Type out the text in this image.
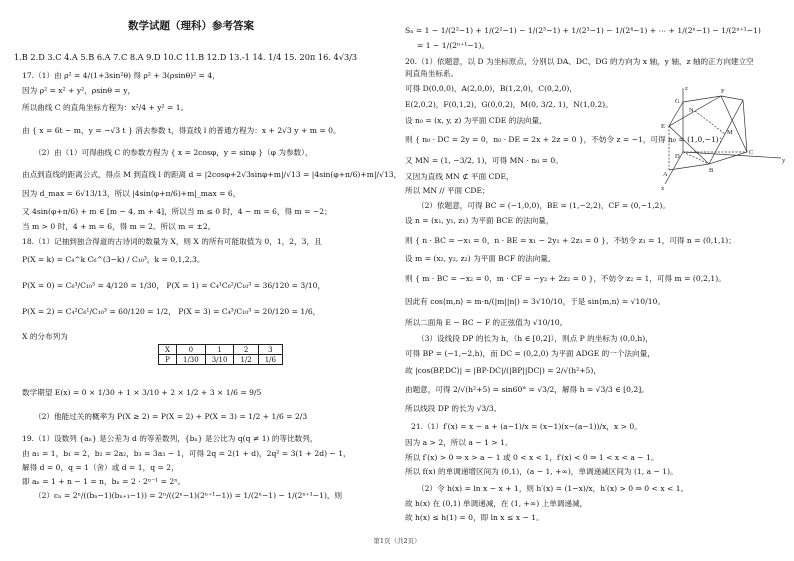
数学试题（理科）参考答案
1.B 2.D 3.C 4.A 5.B 6.A 7.C 8.A 9.D 10.C 11.B 12.D 13.-1 14. 1/4 15. 20π 16. 4√3/3
17.（1）由 ρ² = 4/(1+3sin²θ) 得 ρ² + 3(ρsinθ)² = 4，
因为 ρ² = x² + y²，ρsinθ = y，
所以曲线 C 的直角坐标方程为：x²/4 + y² = 1。
由 { x = 6t − m，y = −√3 t } 消去参数 t，得直线 l 的普通方程为：x + 2√3 y + m = 0。
（2）由（1）可得曲线 C 的参数方程为 { x = 2cosφ，y = sinφ }（φ 为参数），
由点到直线的距离公式，得点 M 到直线 l 的距离 d = |2cosφ+2√3sinφ+m|/√13 = |4sin(φ+π/6)+m|/√13，
因为 d_max = 6√13/13，所以 |4sin(φ+π/6)+m|_max = 6，
又 4sin(φ+π/6) + m ∈ [m − 4, m + 4]，所以当 m ≤ 0 时，4 − m = 6，得 m = −2；
当 m > 0 时，4 + m = 6，得 m = 2。所以 m = ±2。
18.（1）记抽到独合得道的古诗词的数量为 X，则 X 的所有可能取值为 0，1，2，3，且
P(X = k) = C₄^k C₆^(3−k) / C₁₀³，k = 0,1,2,3。
P(X = 0) = C₆³/C₁₀³ = 4/120 = 1/30， P(X = 1) = C₄¹C₆²/C₁₀³ = 36/120 = 3/10，
P(X = 2) = C₄²C₆¹/C₁₀³ = 60/120 = 1/2， P(X = 3) = C₄³/C₁₀³ = 20/120 = 1/6，
X 的分布列为
X	0	1	2	3
P	1/30	3/10	1/2	1/6
数学期望 E(x) = 0 × 1/30 + 1 × 3/10 + 2 × 1/2 + 3 × 1/6 = 9/5
（2）他能过关的概率为 P(X ≥ 2) = P(X = 2) + P(X = 3) = 1/2 + 1/6 = 2/3
19.（1）设数列 {aₙ} 是公差为 d 的等差数列，{bₙ} 是公比为 q(q ≠ 1) 的等比数列，
由 a₁ = 1，b₁ = 2，b₂ = 2a₂，b₃ = 3a₃ − 1，可得 2q = 2(1 + d)，2q² = 3(1 + 2d) − 1，
解得 d = 0，q = 1（舍）或 d = 1，q = 2，
即 aₙ = 1 + n − 1 = n，bₙ = 2 · 2ⁿ⁻¹ = 2ⁿ。
（2）cₙ = 2ⁿ/((bₙ−1)(bₙ₊₁−1)) = 2ⁿ/((2ⁿ−1)(2ⁿ⁺¹−1)) = 1/(2ⁿ−1) − 1/(2ⁿ⁺¹−1)，则
Sₙ = 1 − 1/(2²−1) + 1/(2²−1) − 1/(2³−1) + 1/(2³−1) − 1/(2⁴−1) + ⋯ + 1/(2ⁿ−1) − 1/(2ⁿ⁺¹−1)
= 1 − 1/(2ⁿ⁺¹−1)。
20.（1）依题意，以 D 为坐标原点，分别以 DA、DC、DG 的方向为 x 轴，y 轴，z 轴的正方向建立空
间直角坐标系。
可得 D(0,0,0)，A(2,0,0)，B(1,2,0)，C(0,2,0)，
E(2,0,2)，F(0,1,2)，G(0,0,2)，M(0, 3/2, 1)，N(1,0,2)。
设 n₀ = (x, y, z) 为平面 CDE 的法向量，
则 { n₀ · DC = 2y = 0，n₀ · DE = 2x + 2z = 0 }，不妨令 z = −1，可得 n₀ = (1,0,−1)；
又 MN = (1, −3/2, 1)，可得 MN · n₀ = 0。
又因为直线 MN ⊄ 平面 CDE，
所以 MN // 平面 CDE；
（2）依题意，可得 BC = (−1,0,0)，BE = (1,−2,2)，CF = (0,−1,2)。
设 n = (x₁, y₁, z₁) 为平面 BCE 的法向量，
则 { n · BC = −x₁ = 0，n · BE = x₁ − 2y₁ + 2z₁ = 0 }，不妨令 z₁ = 1，可得 n = (0,1,1)；
设 m = (x₂, y₂, z₂) 为平面 BCF 的法向量，
则 { m · BC = −x₂ = 0，m · CF = −y₂ + 2z₂ = 0 }，不妨令 z₂ = 1，可得 m = (0,2,1)。
因此有 cos⟨m,n⟩ = m·n/(|m||n|) = 3√10/10，于是 sin⟨m,n⟩ = √10/10。
所以二面角 E − BC − F 的正弦值为 √10/10。
（3）设线段 DP 的长为 h，（h ∈ [0,2]），则点 P 的坐标为 (0,0,h)，
可得 BP = (−1,−2,h)，而 DC = (0,2,0) 为平面 ADGE 的一个法向量，
故 |cos⟨BP,DC⟩| = |BP·DC|/(|BP||DC|) = 2/√(h²+5)，
由题意，可得 2/√(h²+5) = sin60° = √3/2，解得 h = √3/3 ∈ [0,2]。
所以线段 DP 的长为 √3/3。
21.（1）f′(x) = x − a + (a−1)/x = (x−1)(x−(a−1))/x，x > 0。
因为 a > 2，所以 a − 1 > 1。
所以 f′(x) > 0 ⇒ x > a − 1 或 0 < x < 1，f′(x) < 0 ⇒ 1 < x < a − 1。
所以 f(x) 的单调递增区间为 (0,1)，(a − 1, +∞)，单调递减区间为 (1, a − 1)。
（2）令 h(x) = ln x − x + 1，则 h′(x) = (1−x)/x，h′(x) > 0 ⇒ 0 < x < 1。
故 h(x) 在 (0,1) 单调递减，在 (1, +∞) 上单调递减，
故 h(x) ≤ h(1) = 0，即 ln x ≤ x − 1。
z
x
y
G
F
E
D
C
A
B
M
N
第1页（共2页）
